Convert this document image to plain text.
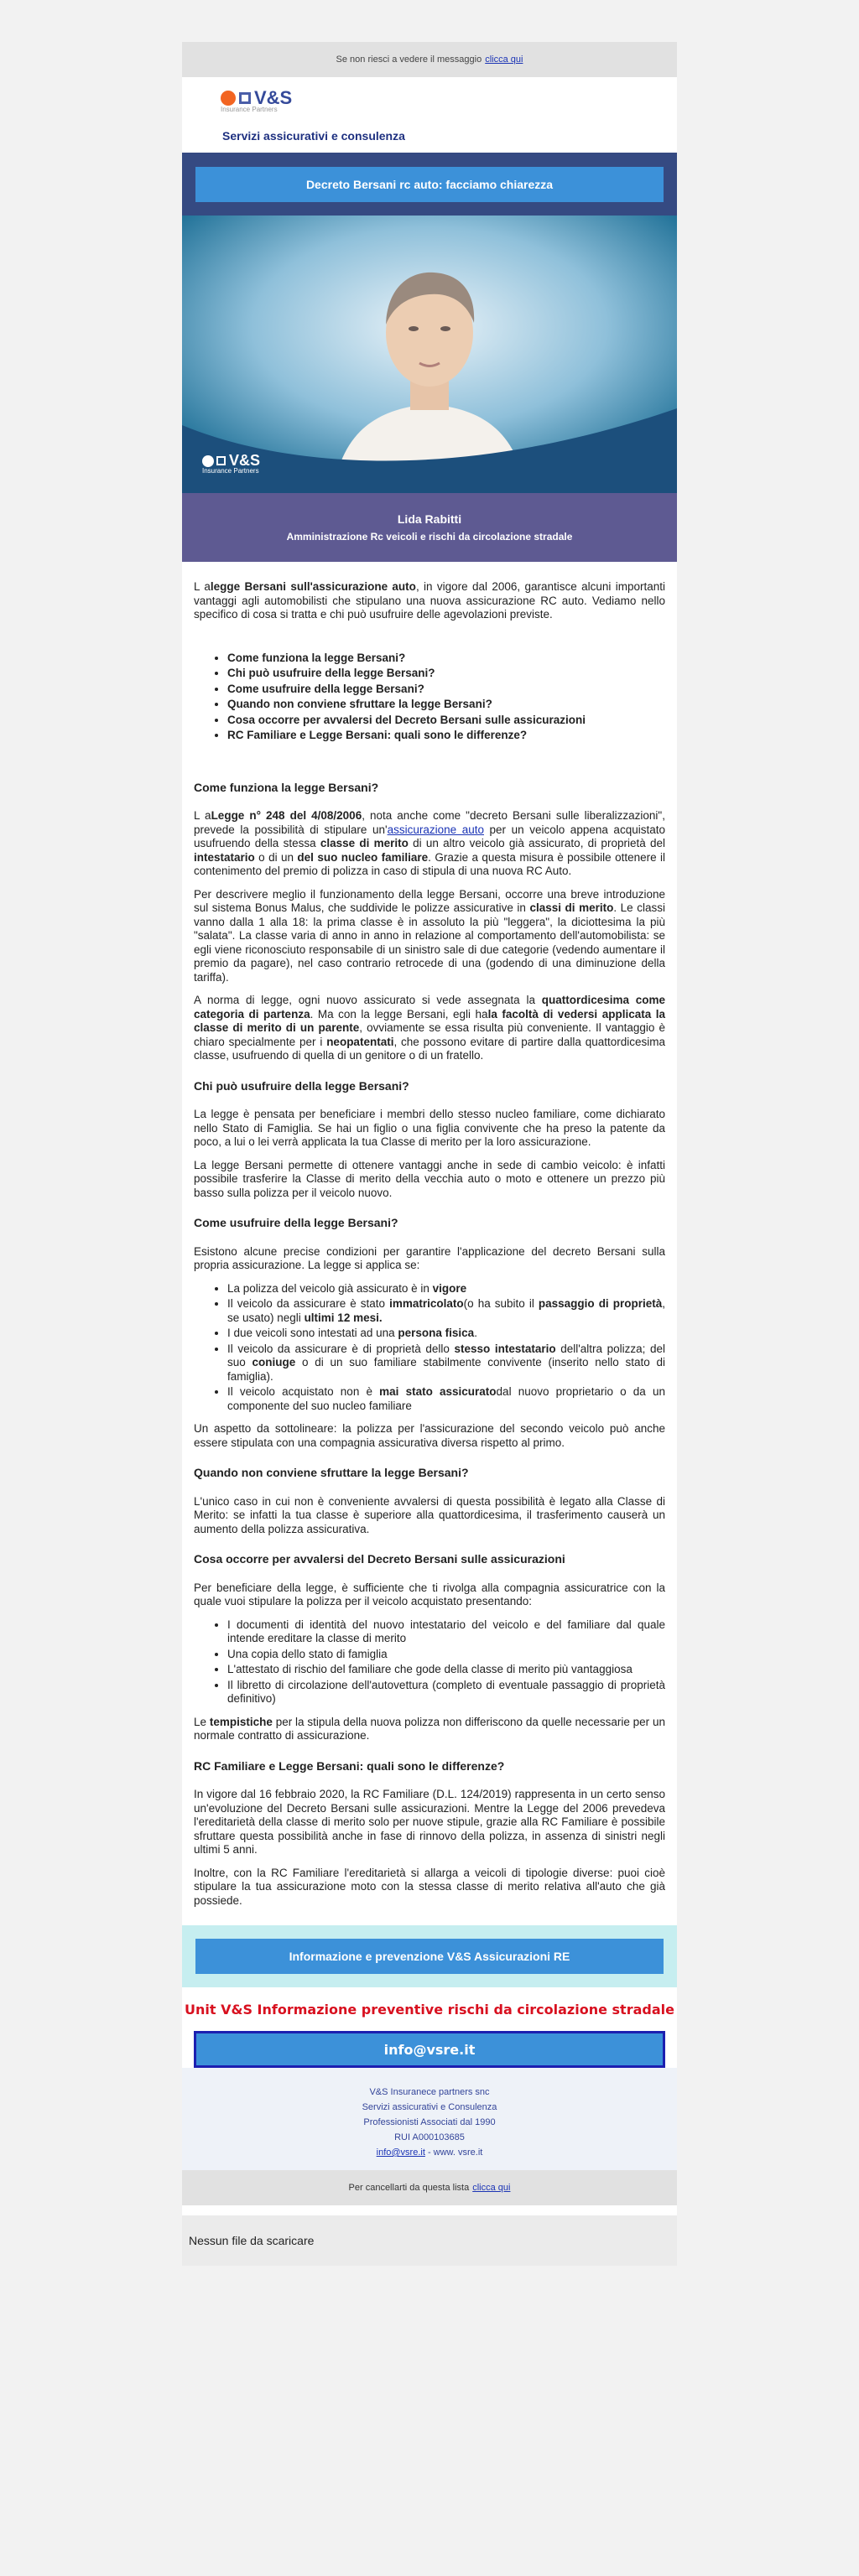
Se non riesci a vedere il messaggio clicca qui
V&S
Insurance Partners
Servizi assicurativi e consulenza
Decreto Bersani rc auto: facciamo chiarezza
V&S
Insurance Partners
Lida Rabitti
Amministrazione Rc veicoli e rischi da circolazione stradale

L alegge Bersani sull'assicurazione auto, in vigore dal 2006, garantisce alcuni importanti vantaggi agli automobilisti che stipulano una nuova assicurazione RC auto. Vediamo nello specifico di cosa si tratta e chi può usufruire delle agevolazioni previste.

• Come funziona la legge Bersani?
• Chi può usufruire della legge Bersani?
• Come usufruire della legge Bersani?
• Quando non conviene sfruttare la legge Bersani?
• Cosa occorre per avvalersi del Decreto Bersani sulle assicurazioni
• RC Familiare e Legge Bersani: quali sono le differenze?
Come funziona la legge Bersani?

L aLegge n° 248 del 4/08/2006, nota anche come "decreto Bersani sulle liberalizzazioni", prevede la possibilità di stipulare un'assicurazione auto per un veicolo appena acquistato usufruendo della stessa classe di merito di un altro veicolo già assicurato, di proprietà del intestatario o di un del suo nucleo familiare. Grazie a questa misura è possibile ottenere il contenimento del premio di polizza in caso di stipula di una nuova RC Auto.

Per descrivere meglio il funzionamento della legge Bersani, occorre una breve introduzione sul sistema Bonus Malus, che suddivide le polizze assicurative in classi di merito. Le classi vanno dalla 1 alla 18: la prima classe è in assoluto la più "leggera", la diciottesima la più "salata". La classe varia di anno in anno in relazione al comportamento dell'automobilista: se egli viene riconosciuto responsabile di un sinistro sale di due categorie (vedendo aumentare il premio da pagare), nel caso contrario retrocede di una (godendo di una diminuzione della tariffa).

A norma di legge, ogni nuovo assicurato si vede assegnata la quattordicesima come categoria di partenza. Ma con la legge Bersani, egli hala facoltà di vedersi applicata la classe di merito di un parente, ovviamente se essa risulta più conveniente. Il vantaggio è chiaro specialmente per i neopatentati, che possono evitare di partire dalla quattordicesima classe, usufruendo di quella di un genitore o di un fratello.

Chi può usufruire della legge Bersani?

La legge è pensata per beneficiare i membri dello stesso nucleo familiare, come dichiarato nello Stato di Famiglia. Se hai un figlio o una figlia convivente che ha preso la patente da poco, a lui o lei verrà applicata la tua Classe di merito per la loro assicurazione.

La legge Bersani permette di ottenere vantaggi anche in sede di cambio veicolo: è infatti possibile trasferire la Classe di merito della vecchia auto o moto e ottenere un prezzo più basso sulla polizza per il veicolo nuovo.

Come usufruire della legge Bersani?

Esistono alcune precise condizioni per garantire l'applicazione del decreto Bersani sulla propria assicurazione. La legge si applica se:

• La polizza del veicolo già assicurato è in vigore
• Il veicolo da assicurare è stato immatricolato(o ha subito il passaggio di proprietà, se usato) negli ultimi 12 mesi.
• I due veicoli sono intestati ad una persona fisica.
• Il veicolo da assicurare è di proprietà dello stesso intestatario dell'altra polizza; del suo coniuge o di un suo familiare stabilmente convivente (inserito nello stato di famiglia).
• Il veicolo acquistato non è mai stato assicuratodal nuovo proprietario o da un componente del suo nucleo familiare

Un aspetto da sottolineare: la polizza per l'assicurazione del secondo veicolo può anche essere stipulata con una compagnia assicurativa diversa rispetto al primo.

Quando non conviene sfruttare la legge Bersani?

L'unico caso in cui non è conveniente avvalersi di questa possibilità è legato alla Classe di Merito: se infatti la tua classe è superiore alla quattordicesima, il trasferimento causerà un aumento della polizza assicurativa.

Cosa occorre per avvalersi del Decreto Bersani sulle assicurazioni

Per beneficiare della legge, è sufficiente che ti rivolga alla compagnia assicuratrice con la quale vuoi stipulare la polizza per il veicolo acquistato presentando:

• I documenti di identità del nuovo intestatario del veicolo e del familiare dal quale intende ereditare la classe di merito
• Una copia dello stato di famiglia
• L'attestato di rischio del familiare che gode della classe di merito più vantaggiosa
• Il libretto di circolazione dell'autovettura (completo di eventuale passaggio di proprietà definitivo)

Le tempistiche per la stipula della nuova polizza non differiscono da quelle necessarie per un normale contratto di assicurazione.

RC Familiare e Legge Bersani: quali sono le differenze?

In vigore dal 16 febbraio 2020, la RC Familiare (D.L. 124/2019) rappresenta in un certo senso un'evoluzione del Decreto Bersani sulle assicurazioni. Mentre la Legge del 2006 prevedeva l'ereditarietà della classe di merito solo per nuove stipule, grazie alla RC Familiare è possibile sfruttare questa possibilità anche in fase di rinnovo della polizza, in assenza di sinistri negli ultimi 5 anni.

Inoltre, con la RC Familiare l'ereditarietà si allarga a veicoli di tipologie diverse: puoi cioè stipulare la tua assicurazione moto con la stessa classe di merito relativa all'auto che già possiede.

Informazione e prevenzione V&S Assicurazioni RE
Unit V&S Informazione preventive rischi da circolazione stradale
info@vsre.it
V&S Insuranece partners snc
Servizi assicurativi e Consulenza
Professionisti Associati dal 1990
RUI A000103685
info@vsre.it - www. vsre.it
Per cancellarti da questa lista clicca qui
Nessun file da scaricare
